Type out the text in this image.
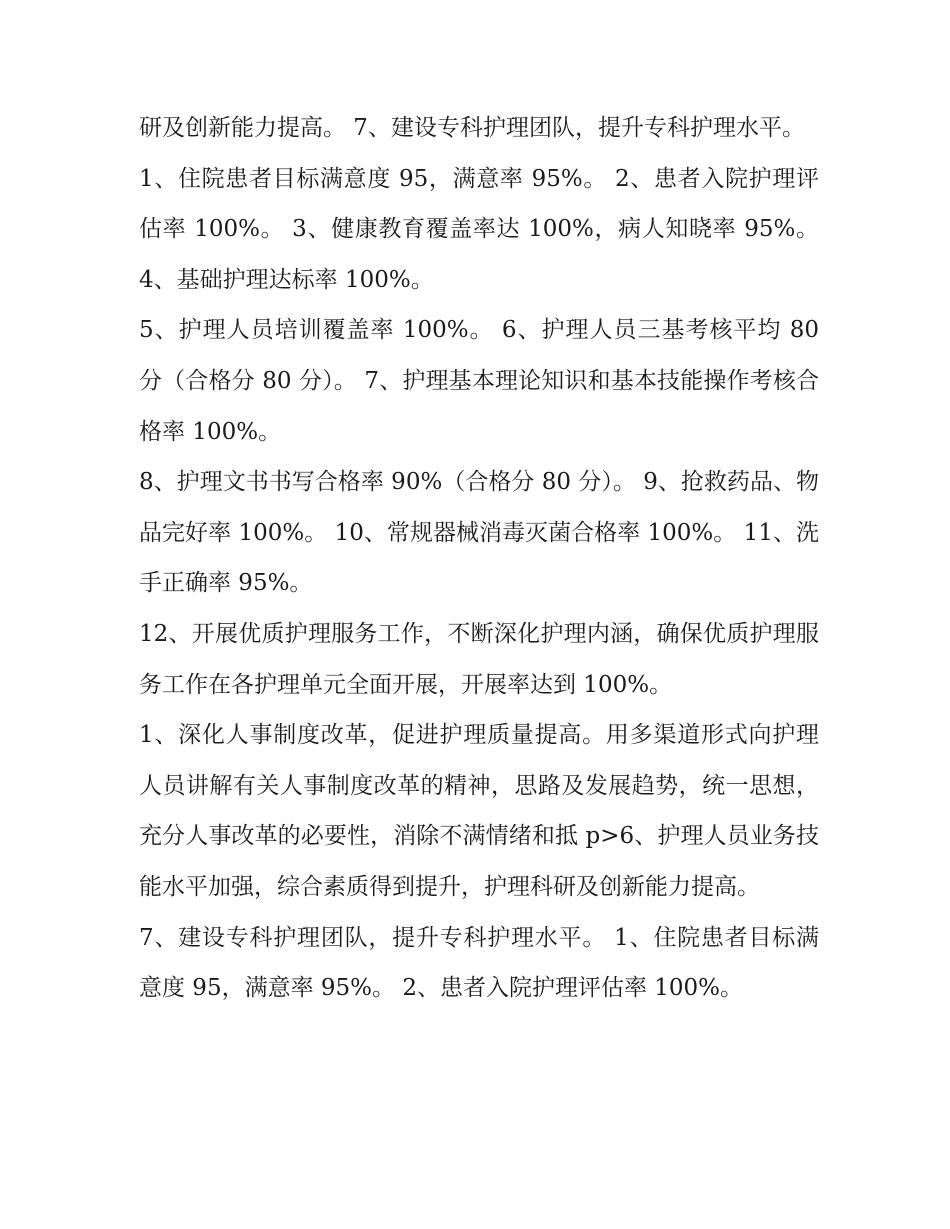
研及创新能力提高。 7、建设专科护理团队，提升专科护理水平。

1、住院患者目标满意度 95，满意率 95%。 2、患者入院护理评估率 100%。 3、健康教育覆盖率达 100%，病人知晓率 95%。 4、基础护理达标率 100%。

5、护理人员培训覆盖率 100%。 6、护理人员三基考核平均 80 分（合格分 80 分）。 7、护理基本理论知识和基本技能操作考核合格率 100%。

8、护理文书书写合格率 90%（合格分 80 分）。 9、抢救药品、物品完好率 100%。 10、常规器械消毒灭菌合格率 100%。 11、洗手正确率 95%。

12、开展优质护理服务工作，不断深化护理内涵，确保优质护理服务工作在各护理单元全面开展，开展率达到 100%。

1、深化人事制度改革，促进护理质量提高。用多渠道形式向护理人员讲解有关人事制度改革的精神，思路及发展趋势，统一思想，充分人事改革的必要性，消除不满情绪和抵 p>6、护理人员业务技能水平加强，综合素质得到提升，护理科研及创新能力提高。

7、建设专科护理团队，提升专科护理水平。 1、住院患者目标满意度 95，满意率 95%。 2、患者入院护理评估率 100%。
